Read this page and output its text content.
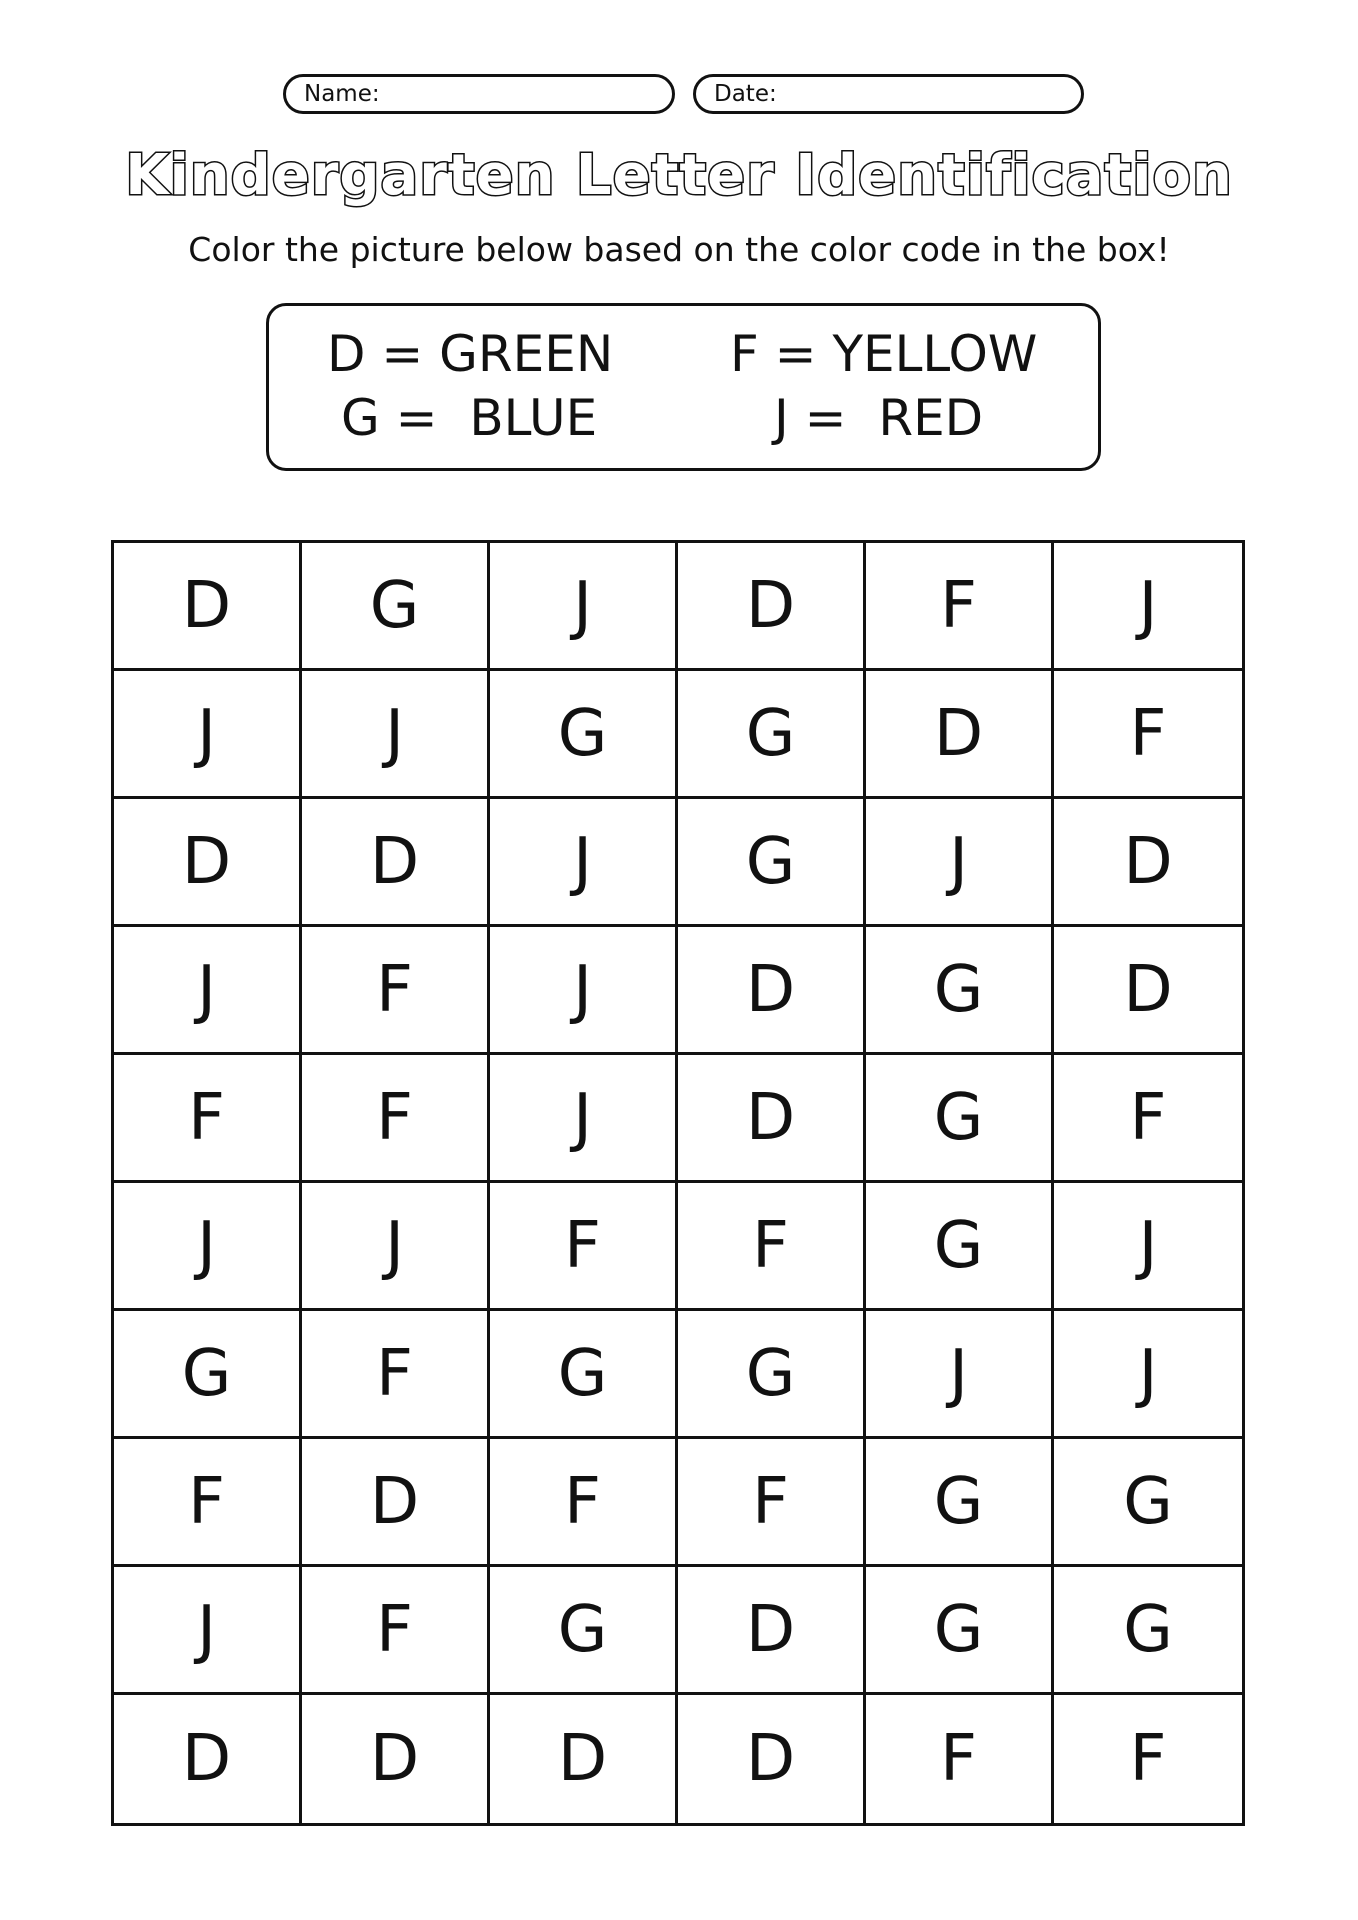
Name:	Date:
Kindergarten Letter Identification
Color the picture below based on the color code in the box!
D = GREEN F = YELLOW
G =  BLUE	J =  RED
D	G	J	D	F	J
J	J	G	G	D	F
D	D	J	G	J	D
J	F	J	D	G	D
F	F	J	D	G	F
J	J	F	F	G	J
G	F	G	G	J	J
F	D	F	F	G	G
J	F	G	D	G	G
D	D	D	D	F	F
